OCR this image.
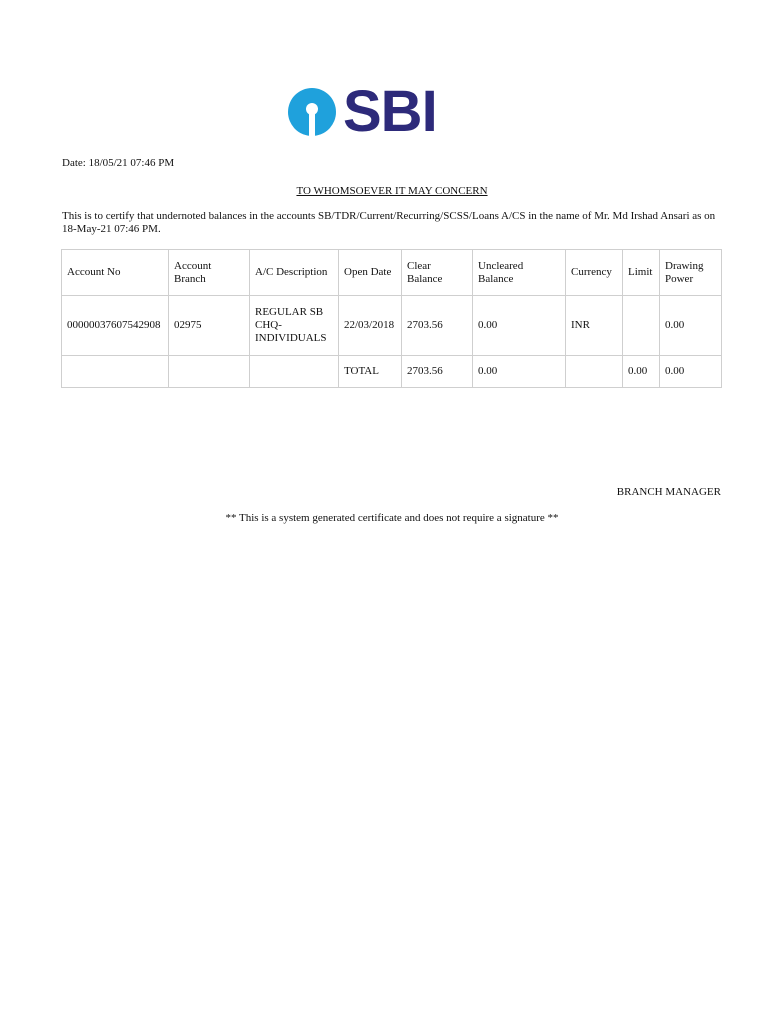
SBI
Date: 18/05/21 07:46 PM
TO WHOMSOEVER IT MAY CONCERN
This is to certify that undernoted balances in the accounts SB/TDR/Current/Recurring/SCSS/Loans A/CS in the name of Mr. Md Irshad Ansari as on 18-May-21 07:46 PM.
Account No	Account Branch	A/C Description	Open Date	Clear Balance	Uncleared Balance	Currency	Limit	Drawing Power
00000037607542908	02975	REGULAR SB CHQ-INDIVIDUALS	22/03/2018	2703.56	0.00	INR		0.00
			TOTAL	2703.56	0.00		0.00	0.00
BRANCH MANAGER
** This is a system generated certificate and does not require a signature **
